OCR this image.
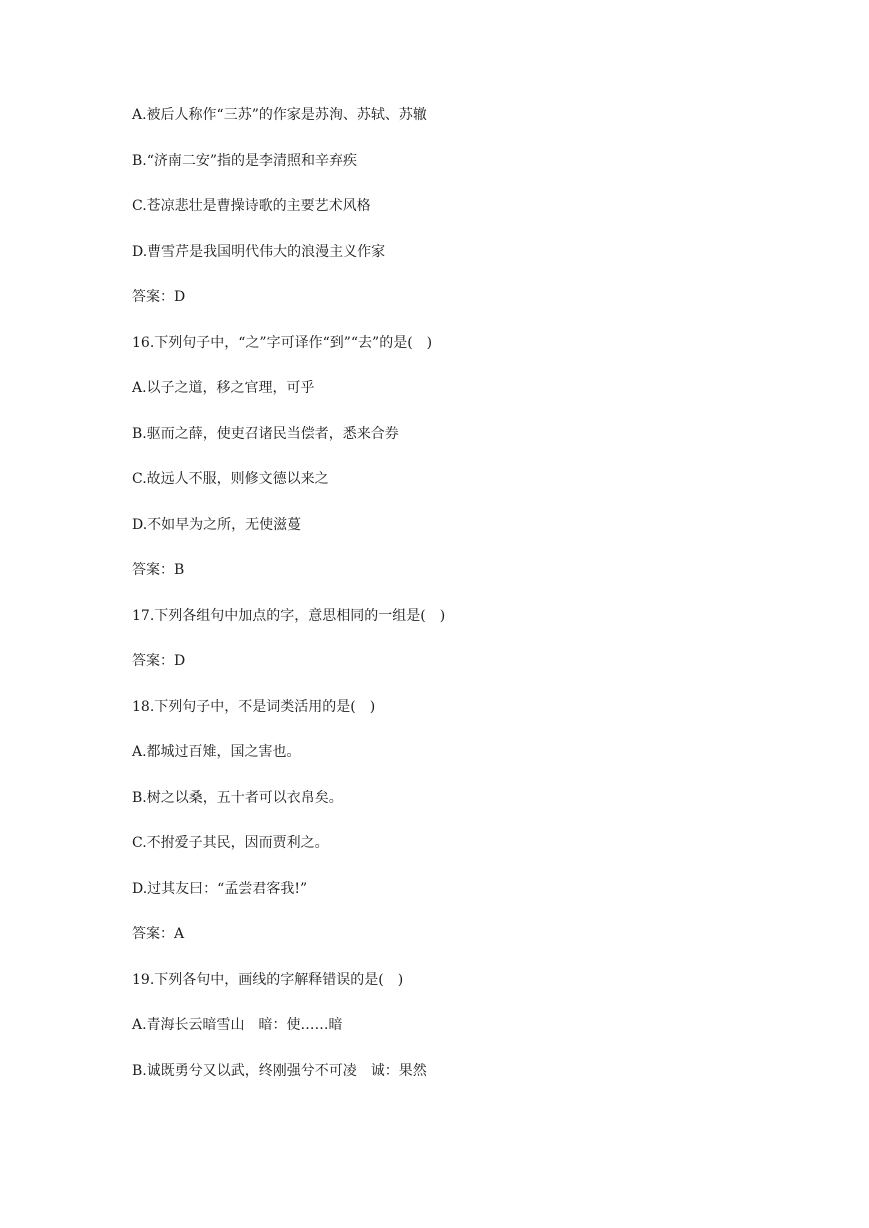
A.被后人称作“三苏”的作家是苏洵、苏轼、苏辙

B.“济南二安”指的是李清照和辛弃疾

C.苍凉悲壮是曹操诗歌的主要艺术风格

D.曹雪芹是我国明代伟大的浪漫主义作家

答案：D

16.下列句子中，“之”字可译作“到”“去”的是(　)

A.以子之道，移之官理，可乎

B.驱而之薛，使吏召诸民当偿者，悉来合券

C.故远人不服，则修文德以来之

D.不如早为之所，无使滋蔓

答案：B

17.下列各组句中加点的字，意思相同的一组是(　)

答案：D

18.下列句子中，不是词类活用的是(　)

A.都城过百雉，国之害也。

B.树之以桑，五十者可以衣帛矣。

C.不拊爱子其民，因而贾利之。

D.过其友曰：“孟尝君客我!”

答案：A

19.下列各句中，画线的字解释错误的是(　)

A.青海长云暗雪山　暗：使……暗

B.诚既勇兮又以武，终刚强兮不可凌　诚：果然
